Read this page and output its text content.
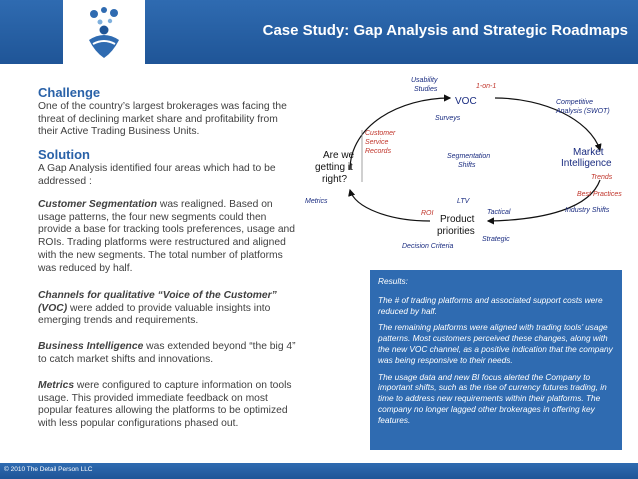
Case Study: Gap Analysis and Strategic Roadmaps
Challenge
One of the country’s largest brokerages was facing the
threat of declining market share and profitability from
their Active Trading Business Units.
Solution
A Gap Analysis identified four areas which had to be
addressed :
Customer Segmentation was realigned. Based on
usage patterns, the four new segments could then
provide a base for tracking tools preferences, usage and
ROIs. Trading platforms were restructured and aligned
with the new segments. The total number of platforms
was reduced by half.
Channels for qualitative “Voice of the Customer”
(VOC) were added to provide valuable insights into
emerging trends and requirements.
Business Intelligence was extended beyond “the big 4”
to catch market shifts and innovations.
Metrics were configured to capture information on tools
usage. This provided immediate feedback on most
popular features allowing the platforms to be optimized
with less popular configurations phased out.
Usability
Studies	1-on-1
VOC
Surveys
Competitive
Analysis (SWOT)
Customer
Service
Records
Are we
getting it
right?
Segmentation
Shifts
Market
Intelligence
Trends
Best Practices
Industry Shifts
Metrics	LTV
ROI	Tactical
Product
priorities
Strategic
Decision Criteria

Results:

The # of trading platforms and associated support costs were reduced by half.

The remaining platforms were aligned with trading tools’ usage patterns. Most customers perceived these changes, along with the new VOC channel, as a positive indication that the company was being responsive to their needs.

The usage data and new BI focus alerted the Company to important shifts, such as the rise of currency futures trading, in time to address new requirements within their platforms. The company no longer lagged other brokerages in offering key features.

© 2010 The Detail Person LLC
